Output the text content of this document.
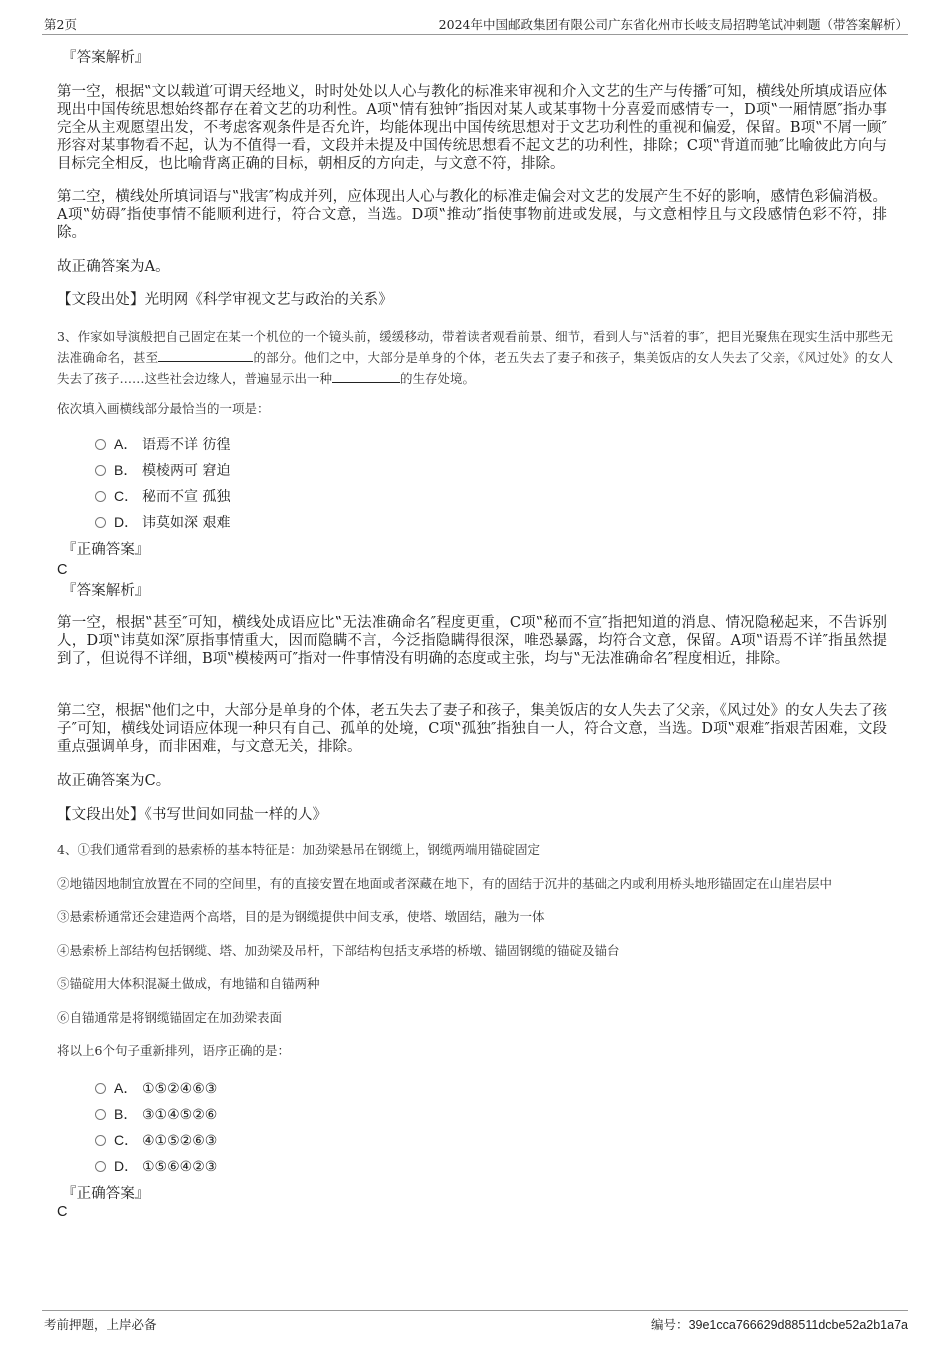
第2页	2024年中国邮政集团有限公司广东省化州市长岐支局招聘笔试冲刺题（带答案解析）
『答案解析』
第一空，根据‟文以载道′可谓天经地义，时时处处以人心与教化的标准来审视和介入文艺的生产与传播″可知，横线处所填成语应体现出中国传统思想始终都存在着文艺的功利性。A项‟情有独钟″指因对某人或某事物十分喜爱而感情专一，D项‟一厢情愿″指办事完全从主观愿望出发，不考虑客观条件是否允许，均能体现出中国传统思想对于文艺功利性的重视和偏爱，保留。B项‟不屑一顾″形容对某事物看不起，认为不值得一看，文段并未提及中国传统思想看不起文艺的功利性，排除；C项‟背道而驰″比喻彼此方向与目标完全相反，也比喻背离正确的目标，朝相反的方向走，与文意不符，排除。
第二空，横线处所填词语与‟戕害″构成并列，应体现出人心与教化的标准走偏会对文艺的发展产生不好的影响，感情色彩偏消极。A项‟妨碍″指使事情不能顺利进行，符合文意，当选。D项‟推动″指使事物前进或发展，与文意相悖且与文段感情色彩不符，排除。
故正确答案为A。
【文段出处】光明网《科学审视文艺与政治的关系》
3、作家如导演般把自己固定在某一个机位的一个镜头前，缓缓移动，带着读者观看前景、细节，看到人与‟活着的事″，把目光聚焦在现实生活中那些无法准确命名，甚至	的部分。他们之中，大部分是单身的个体，老五失去了妻子和孩子，集美饭店的女人失去了父亲，《风过处》的女人失去了孩子……这些社会边缘人，普遍显示出一种	的生存处境。
依次填入画横线部分最恰当的一项是：
A． 语焉不详 彷徨
B． 模棱两可 窘迫
C． 秘而不宣 孤独
D． 讳莫如深 艰难
『正确答案』
C
『答案解析』
第一空，根据‟甚至″可知，横线处成语应比‟无法准确命名″程度更重，C项‟秘而不宣″指把知道的消息、情况隐秘起来，不告诉别人，D项‟讳莫如深″原指事情重大，因而隐瞒不言，今泛指隐瞒得很深，唯恐暴露，均符合文意，保留。A项‟语焉不详″指虽然提到了，但说得不详细，B项‟模棱两可″指对一件事情没有明确的态度或主张，均与‟无法准确命名″程度相近，排除。
第二空，根据‟他们之中，大部分是单身的个体，老五失去了妻子和孩子，集美饭店的女人失去了父亲，《风过处》的女人失去了孩子″可知，横线处词语应体现一种只有自己、孤单的处境，C项‟孤独″指独自一人，符合文意，当选。D项‟艰难″指艰苦困难，文段重点强调单身，而非困难，与文意无关，排除。
故正确答案为C。
【文段出处】《书写世间如同盐一样的人》
4、①我们通常看到的悬索桥的基本特征是：加劲梁悬吊在钢缆上，钢缆两端用锚碇固定
②地锚因地制宜放置在不同的空间里，有的直接安置在地面或者深藏在地下，有的固结于沉井的基础之内或利用桥头地形锚固定在山崖岩层中
③悬索桥通常还会建造两个高塔，目的是为钢缆提供中间支承，使塔、墩固结，融为一体
④悬索桥上部结构包括钢缆、塔、加劲梁及吊杆，下部结构包括支承塔的桥墩、锚固钢缆的锚碇及锚台
⑤锚碇用大体积混凝土做成，有地锚和自锚两种
⑥自锚通常是将钢缆锚固定在加劲梁表面
将以上6个句子重新排列，语序正确的是：
A． ①⑤②④⑥③
B． ③①④⑤②⑥
C． ④①⑤②⑥③
D． ①⑤⑥④②③
『正确答案』
C
考前押题，上岸必备	编号：39e1cca766629d88511dcbe52a2b1a7a
